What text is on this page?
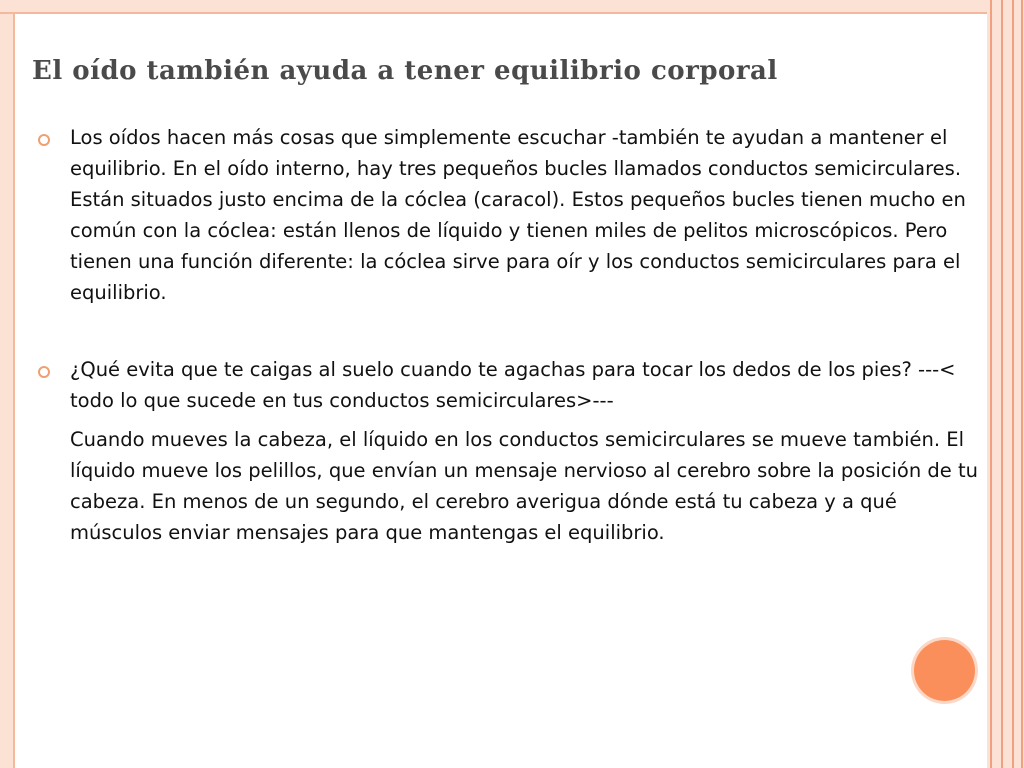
El oído también ayuda a tener equilibrio corporal

Los oídos hacen más cosas que simplemente escuchar -también te ayudan a mantener el equilibrio. En el oído interno, hay tres pequeños bucles llamados conductos semicirculares. Están situados justo encima de la cóclea (caracol). Estos pequeños bucles tienen mucho en común con la cóclea: están llenos de líquido y tienen miles de pelitos microscópicos. Pero tienen una función diferente: la cóclea sirve para oír y los conductos semicirculares para el equilibrio.

¿Qué evita que te caigas al suelo cuando te agachas para tocar los dedos de los pies? ---< todo lo que sucede en tus conductos semicirculares>---

Cuando mueves la cabeza, el líquido en los conductos semicirculares se mueve también. El líquido mueve los pelillos, que envían un mensaje nervioso al cerebro sobre la posición de tu cabeza. En menos de un segundo, el cerebro averigua dónde está tu cabeza y a qué músculos enviar mensajes para que mantengas el equilibrio.
